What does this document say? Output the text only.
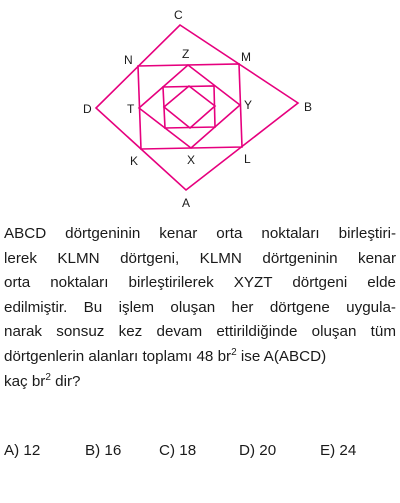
C
N	Z	M
D	T	Y	B
K	X	L
A
ABCD dörtgeninin kenar orta noktaları birleştiri-
lerek KLMN dörtgeni, KLMN dörtgeninin kenar
orta noktaları birleştirilerek XYZT dörtgeni elde
edilmiştir. Bu işlem oluşan her dörtgene uygula-
narak sonsuz kez devam ettirildiğinde oluşan tüm
dörtgenlerin alanları toplamı 48 $br^2$ ise A(ABCD)
kaç $br^2$ dir?
A) 12	B) 16 C) 18	D) 20	E) 24
